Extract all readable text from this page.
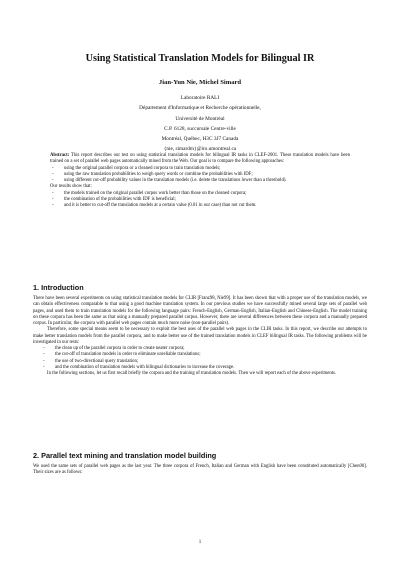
Using Statistical Translation Models for Bilingual IR
Jian-Yun Nie, Michel Simard
Laboratoire RALI
Département d'Informatique et Recherche opérationnelle,
Université de Montréal
C.P. 6128, succursale Centre-ville
Montréal, Québec, H3C 3J7 Canada
{nie, simardm}@iro.umontreal.ca

Abstract: This report describes our test on using statistical translation models for bilingual IR tasks in CLEF-2001. These translation models have been trained on a set of parallel web pages automatically mined from the Web. Our goal is to compare the following approaches:

- using the original parallel corpora or a cleaned corpora to train translation models;
- using the raw translation probabilities to weigh query words or combine the probabilities with IDF;
- using different cut-off probability values in the translation models (i.e. delete the translations lower than a threshold).

Our results show that:

- the models trained on the original parallel corpus work better than those on the cleaned corpora;
- the combination of the probabilities with IDF is beneficial;
- and it is better to cut-off the translation models at a certain value (0.01 in our case) than not cut them.
1. Introduction

There have been several experiments on using statistical translation models for CLIR [Franz98, Nie99]. It has been shown that with a proper use of the translation models, we can obtain effectiveness comparable to that using a good machine translation system. In our previous studies we have successfully mined several large sets of parallel web pages, and used them to train translation models for the following language pairs: French-English, German-English, Italian-English and Chinese-English. The model training on these corpora has been the same as that using a manually prepared parallel corpus. However, there are several differences between these corpora and a manually prepared corpus. In particular, the corpora with parallel web pages contain much more noise (non-parallel pairs).

Therefore, some special means seem to be necessary to exploit the best uses of the parallel web pages in the CLIR tasks. In this report, we describe our attempts to make better translation models from the parallel corpora, and to make better use of the trained translation models in CLEF bilingual IR tasks. The following problems will be investigated in our tests:

- the clean up of the parallel corpora in order to create neater corpora;
- the cut-off of translation models in order to eliminate unreliable translations;
- the use of two-directional query translation;
- and the combination of translation models with bilingual dictionaries to increase the coverage.

In the following sections, let us first recall briefly the corpora and the training of translation models. Then we will report each of the above experiments.

2. Parallel text mining and translation model building

We used the same sets of parallel web pages as the last year. The three corpora of French, Italian and German with English have been constituted automatically [Chen00]. Their sizes are as follows:

1
